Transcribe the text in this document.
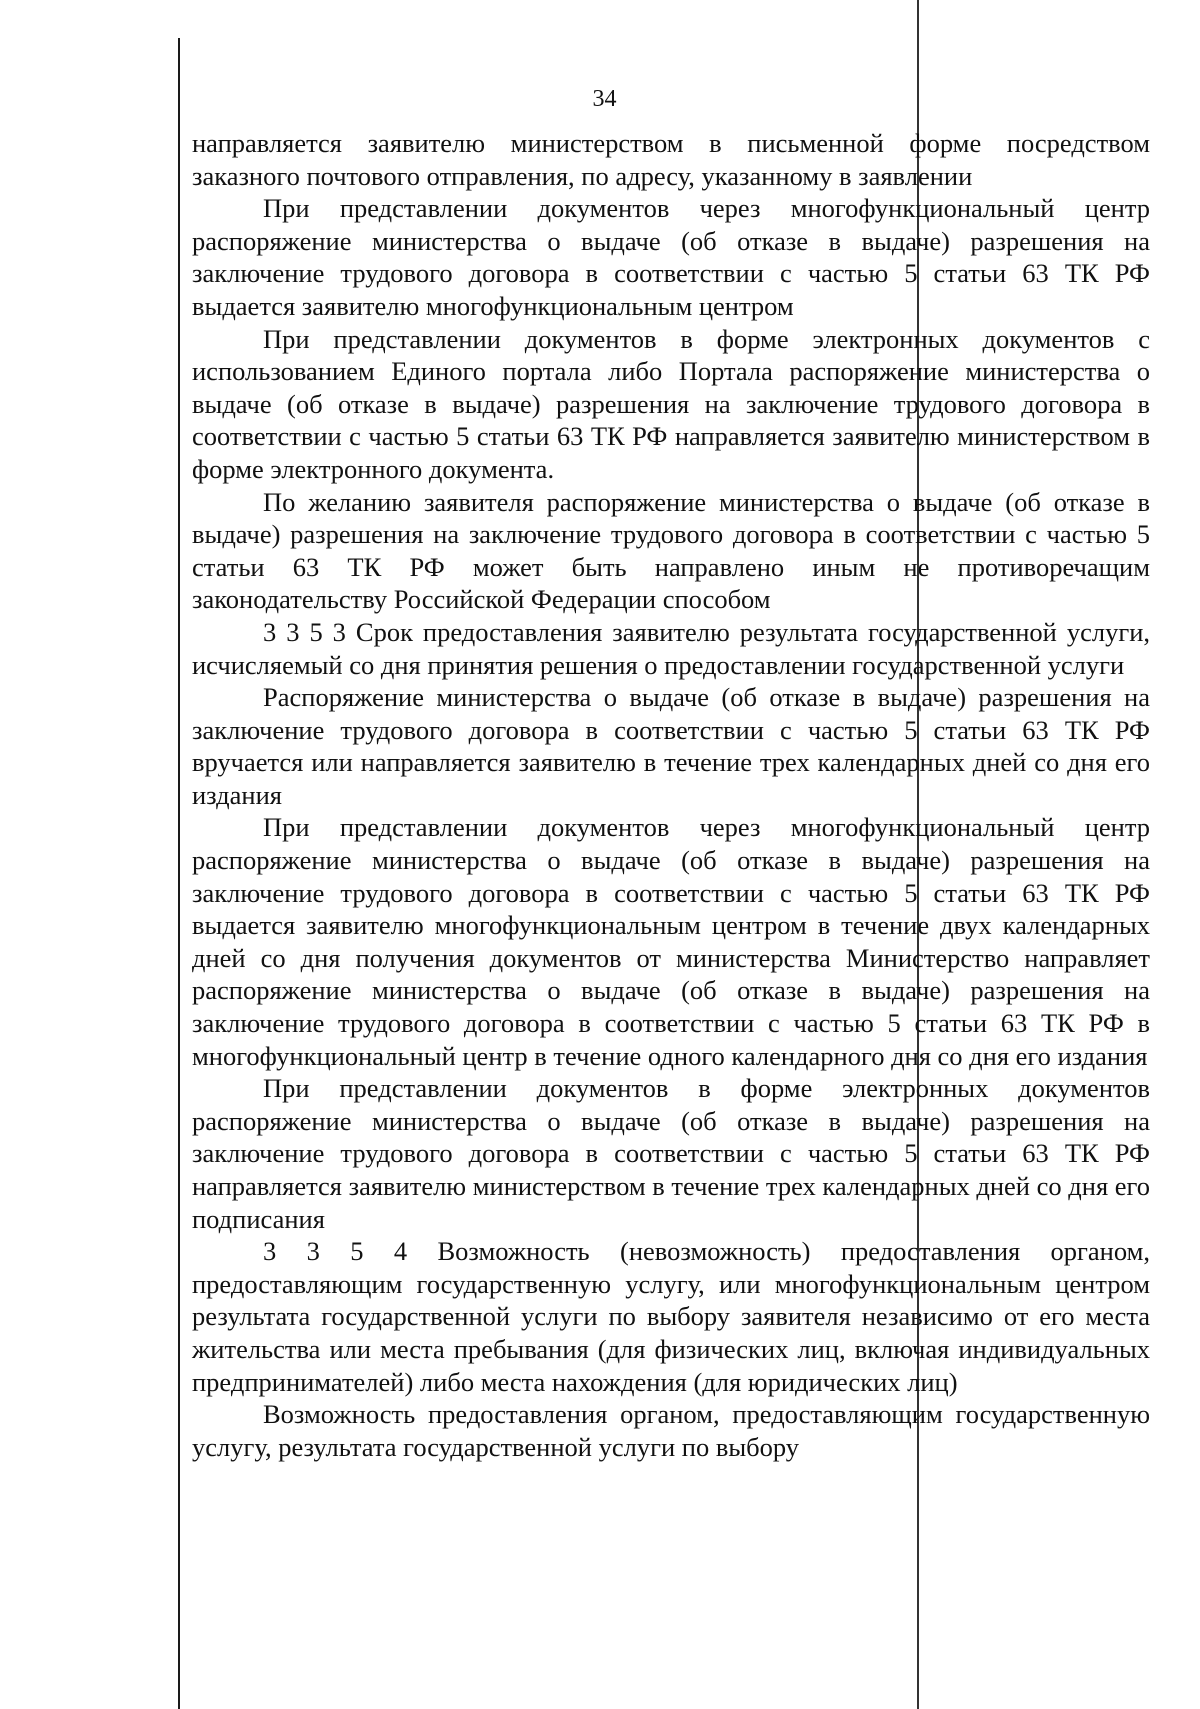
34

направляется заявителю министерством в письменной форме посредством заказного почтового отправления, по адресу, указанному в заявлении

При представлении документов через многофункциональный центр распоряжение министерства о выдаче (об отказе в выдаче) разрешения на заключение трудового договора в соответствии с частью 5 статьи 63 ТК РФ выдается заявителю многофункциональным центром

При представлении документов в форме электронных документов с использованием Единого портала либо Портала распоряжение министерства о выдаче (об отказе в выдаче) разрешения на заключение трудового договора в соответствии с частью 5 статьи 63 ТК РФ направляется заявителю министерством в форме электронного документа.

По желанию заявителя распоряжение министерства о выдаче (об отказе в выдаче) разрешения на заключение трудового договора в соответствии с частью 5 статьи 63 ТК РФ может быть направлено иным не противоречащим законодательству Российской Федерации способом

3 3 5 3 Срок предоставления заявителю результата государственной услуги, исчисляемый со дня принятия решения о предоставлении государственной услуги

Распоряжение министерства о выдаче (об отказе в выдаче) разрешения на заключение трудового договора в соответствии с частью 5 статьи 63 ТК РФ вручается или направляется заявителю в течение трех календарных дней со дня его издания

При представлении документов через многофункциональный центр распоряжение министерства о выдаче (об отказе в выдаче) разрешения на заключение трудового договора в соответствии с частью 5 статьи 63 ТК РФ выдается заявителю многофункциональным центром в течение двух календарных дней со дня получения документов от министерства Министерство направляет распоряжение министерства о выдаче (об отказе в выдаче) разрешения на заключение трудового договора в соответствии с частью 5 статьи 63 ТК РФ в многофункциональный центр в течение одного календарного дня со дня его издания

При представлении документов в форме электронных документов распоряжение министерства о выдаче (об отказе в выдаче) разрешения на заключение трудового договора в соответствии с частью 5 статьи 63 ТК РФ направляется заявителю министерством в течение трех календарных дней со дня его подписания

3 3 5 4 Возможность (невозможность) предоставления органом, предоставляющим государственную услугу, или многофункциональным центром результата государственной услуги по выбору заявителя независимо от его места жительства или места пребывания (для физических лиц, включая индивидуальных предпринимателей) либо места нахождения (для юридических лиц)

Возможность предоставления органом, предоставляющим государственную услугу, результата государственной услуги по выбору
